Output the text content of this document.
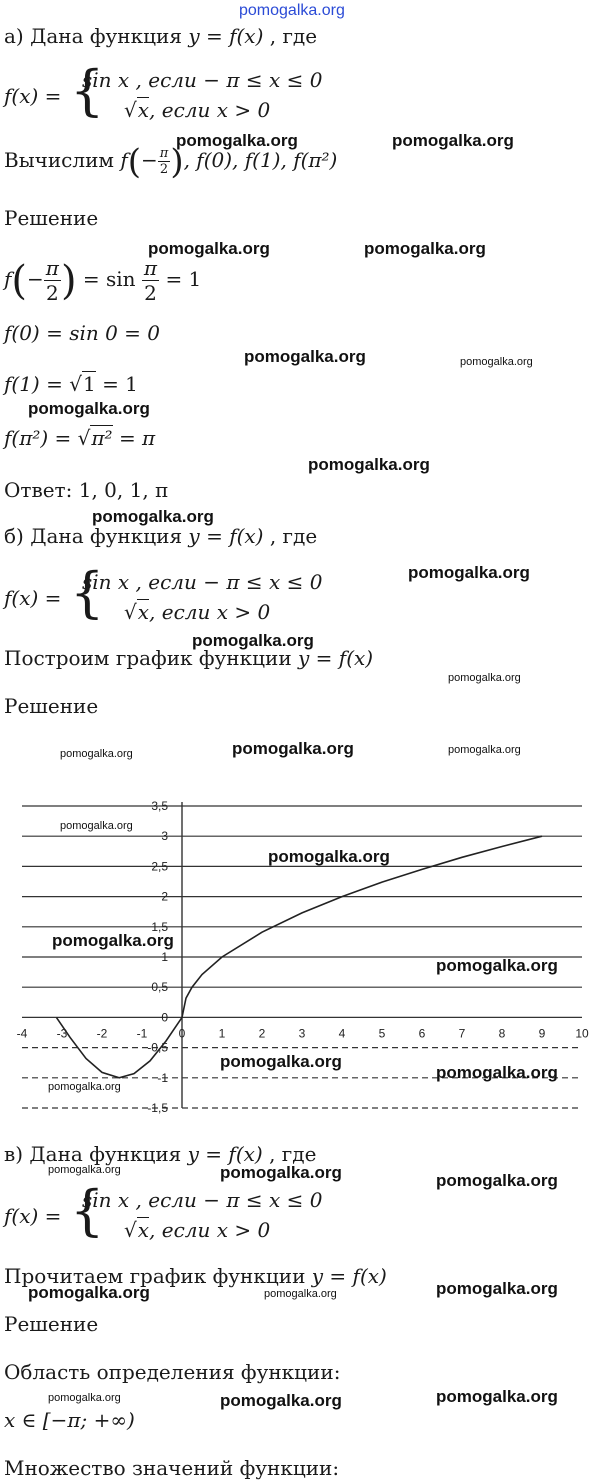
pomogalka.org
а) Дана функция y = f(x) , где
f(x) = {
sin x , если − π ≤ x ≤ 0
√x, если x > 0
Вычислим $f(- \frac{\pi}{2}$ ), f(0), f(1), f(π²)
Решение
$f(- \frac{\pi}{2}$ ) = $\sin \frac{\pi}{2} = 1$
f(0) = sin 0 = 0
f(1) = √1 = 1
f(π²) = √π² = π
Ответ: 1, 0, 1, π
б) Дана функция y = f(x) , где
f(x) = {
sin x , если − π ≤ x ≤ 0
√x, если x > 0
Построим график функции y = f(x)
Решение
3,5
3
2,5
2
1,5
1
0,5
0
-0,5
-1
-1,5
-4 -3 -2 -1	0	1	2	3	4	5	6	7	8	9 10
в) Дана функция y = f(x) , где
f(x) = {
sin x , если − π ≤ x ≤ 0
√x, если x > 0
Прочитаем график функции y = f(x)
Решение
Область определения функции:
x ∈ [−π; +∞)
Множество значений функции:
pomogalka.org	pomogalka.org
pomogalka.org	pomogalka.org
pomogalka.org	pomogalka.org
pomogalka.org
pomogalka.org
pomogalka.org
pomogalka.org
pomogalka.org
pomogalka.org
pomogalka.org
pomogalka.org	pomogalka.org
pomogalka.org
pomogalka.org
pomogalka.org
pomogalka.org
pomogalka.org
pomogalka.org
pomogalka.org
pomogalka.org	pomogalka.org	pomogalka.org
pomogalka.org	pomogalka.org	pomogalka.org
pomogalka.org	pomogalka.org	pomogalka.org
